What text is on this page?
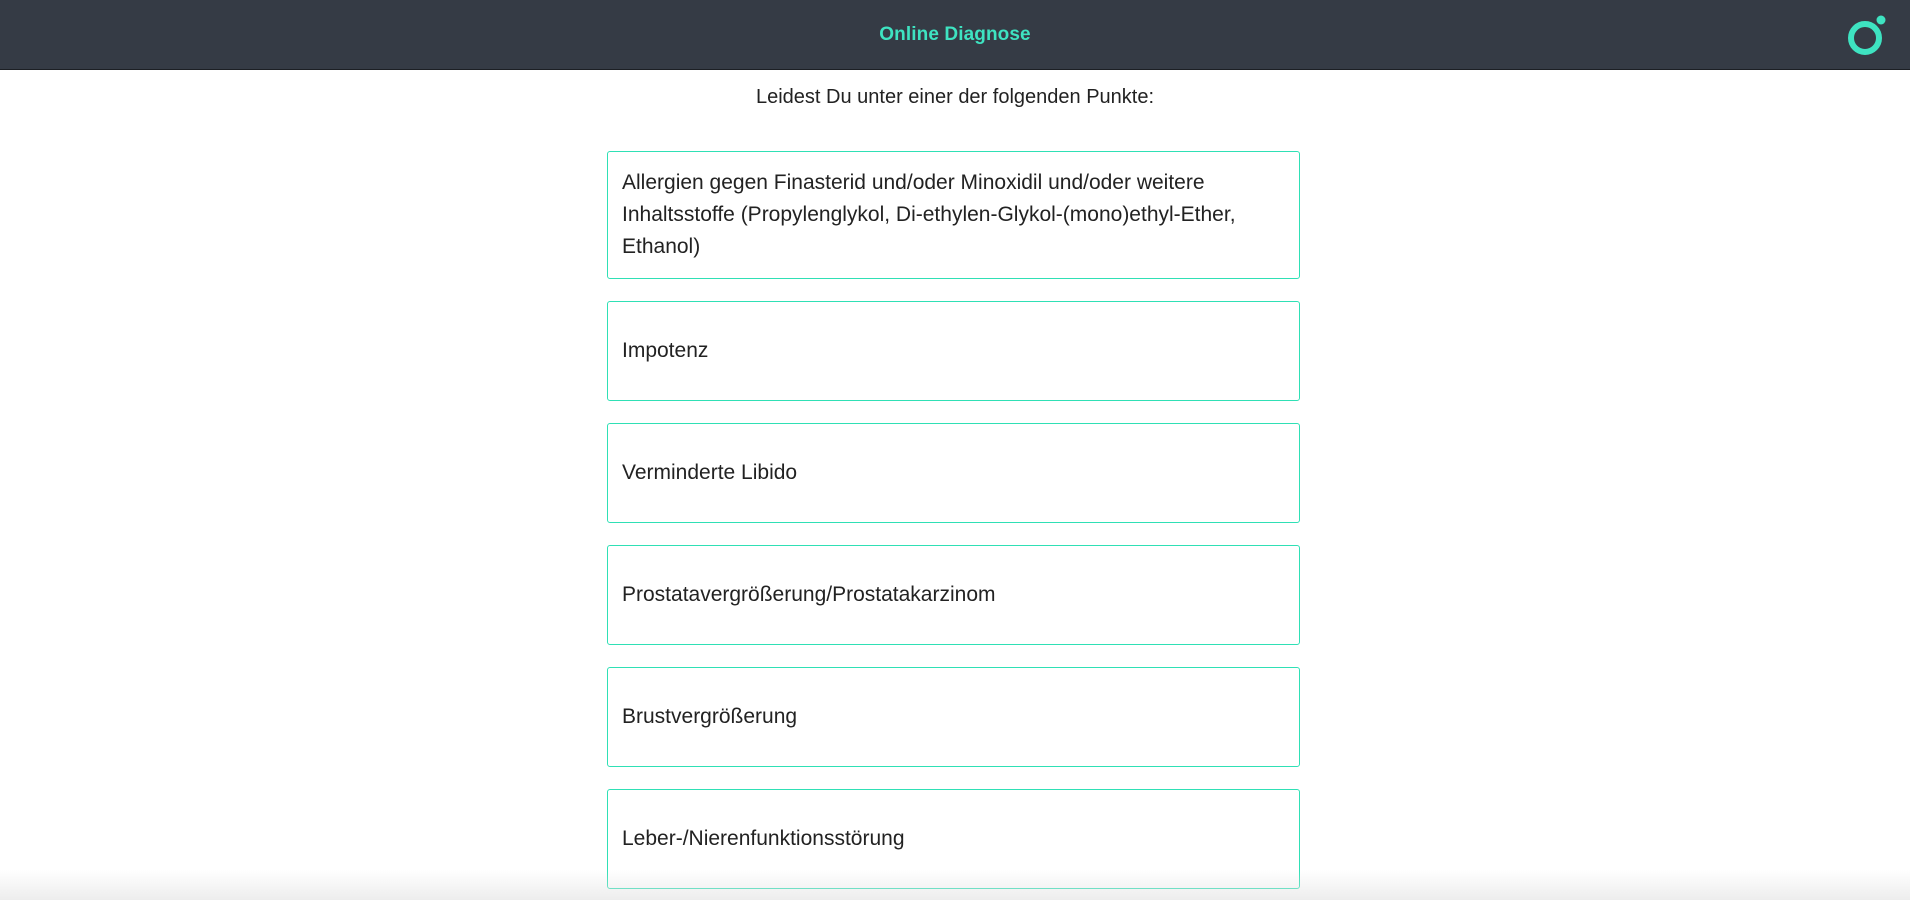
Online Diagnose
Leidest Du unter einer der folgenden Punkte:
Allergien gegen Finasterid und/oder Minoxidil und/oder weitere Inhaltsstoffe (Propylenglykol, Di-ethylen-Glykol-(mono)ethyl-Ether, Ethanol)
Impotenz
Verminderte Libido
Prostatavergrößerung/Prostatakarzinom
Brustvergrößerung
Leber-/Nierenfunktionsstörung
